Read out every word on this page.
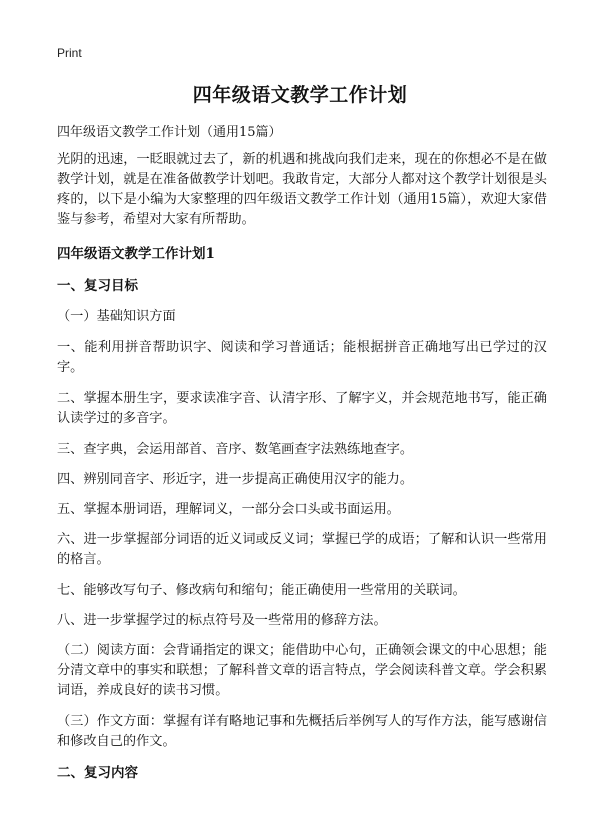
Print
四年级语文教学工作计划
四年级语文教学工作计划（通用15篇）

光阴的迅速，一眨眼就过去了，新的机遇和挑战向我们走来，现在的你想必不是在做教学计划，就是在准备做教学计划吧。我敢肯定，大部分人都对这个教学计划很是头疼的，以下是小编为大家整理的四年级语文教学工作计划（通用15篇），欢迎大家借鉴与参考，希望对大家有所帮助。

四年级语文教学工作计划1

一、复习目标

（一）基础知识方面

一、能利用拼音帮助识字、阅读和学习普通话；能根据拼音正确地写出已学过的汉字。

二、掌握本册生字，要求读准字音、认清字形、了解字义，并会规范地书写，能正确认读学过的多音字。

三、查字典，会运用部首、音序、数笔画查字法熟练地查字。

四、辨别同音字、形近字，进一步提高正确使用汉字的能力。

五、掌握本册词语，理解词义，一部分会口头或书面运用。

六、进一步掌握部分词语的近义词或反义词；掌握已学的成语；了解和认识一些常用的格言。

七、能够改写句子、修改病句和缩句；能正确使用一些常用的关联词。

八、进一步掌握学过的标点符号及一些常用的修辞方法。

（二）阅读方面：会背诵指定的课文；能借助中心句，正确领会课文的中心思想；能分清文章中的事实和联想；了解科普文章的语言特点，学会阅读科普文章。学会积累词语，养成良好的读书习惯。

（三）作文方面：掌握有详有略地记事和先概括后举例写人的写作方法，能写感谢信和修改自己的作文。

二、复习内容
